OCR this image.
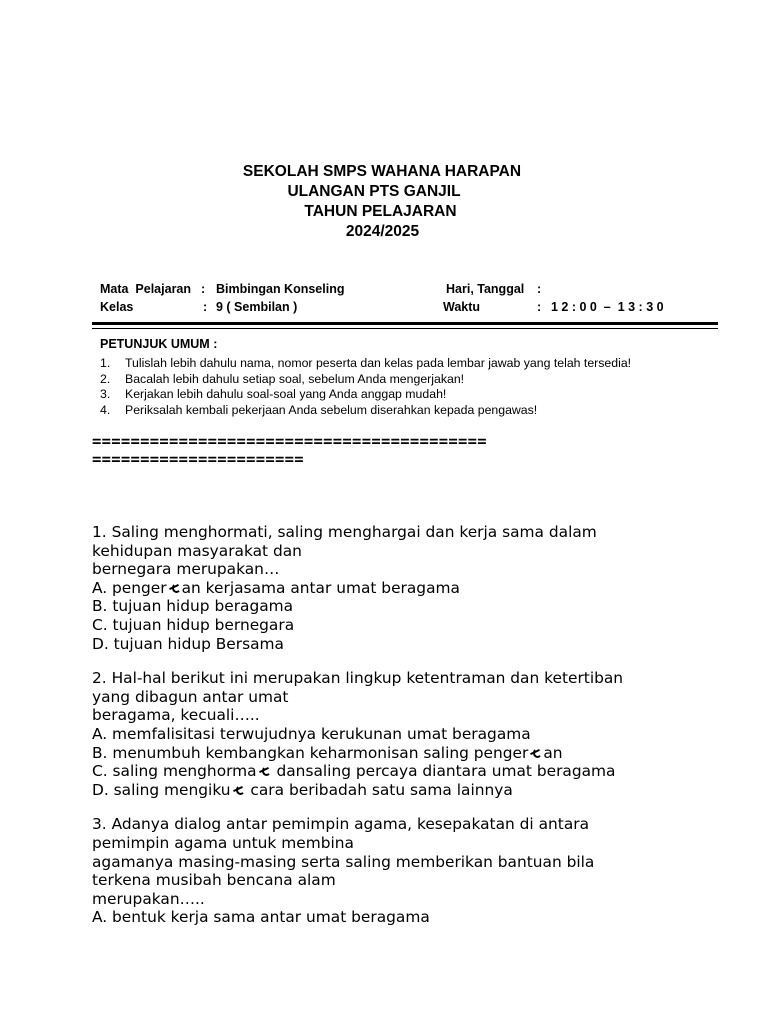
SEKOLAH SMPS WAHANA HARAPAN
ULANGAN PTS GANJIL
TAHUN PELAJARAN
2024/2025
Mata  Pelajaran : Bimbingan Konseling	Hari, Tanggal :
Kelas	: 9 ( Sembilan )	Waktu	: 1 2 : 0 0  –  1 3 : 3 0
PETUNJUK UMUM :
1. Tulislah lebih dahulu nama, nomor peserta dan kelas pada lembar jawab yang telah tersedia!
2. Bacalah lebih dahulu setiap soal, sebelum Anda mengerjakan!
3. Kerjakan lebih dahulu soal-soal yang Anda anggap mudah!
4. Periksalah kembali pekerjaan Anda sebelum diserahkan kepada pengawas!
=========================================
======================
1. Saling menghormati, saling menghargai dan kerja sama dalam
kehidupan masyarakat dan
bernegara merupakan…
A. penger an kerjasama antar umat beragama
B. tujuan hidup beragama
C. tujuan hidup bernegara
D. tujuan hidup Bersama
2. Hal-hal berikut ini merupakan lingkup ketentraman dan ketertiban
yang dibagun antar umat
beragama, kecuali…..
A. memfalisitasi terwujudnya kerukunan umat beragama
B. menumbuh kembangkan keharmonisan saling penger an
C. saling menghorma dansaling percaya diantara umat beragama
D. saling mengiku cara beribadah satu sama lainnya
3. Adanya dialog antar pemimpin agama, kesepakatan di antara
pemimpin agama untuk membina
agamanya masing-masing serta saling memberikan bantuan bila
terkena musibah bencana alam
merupakan…..
A. bentuk kerja sama antar umat beragama
